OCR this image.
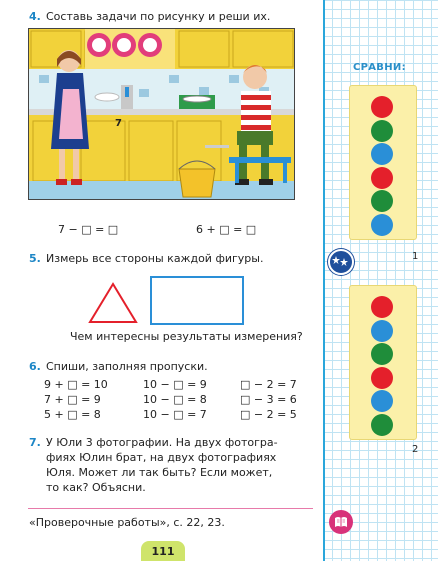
СРАВНИ:
1
2
4. Составь задачи по рисунку и реши их.
7
7 − □ = □	6 + □ = □
5. Измерь все стороны каждой фигуры.
Чем интересны результаты измерения?
6. Спиши, заполняя пропуски.
9 + □ = 10	10 − □ = 9	□ − 2 = 7
7 + □ = 9	10 − □ = 8	□ − 3 = 6
5 + □ = 8	10 − □ = 7	□ − 2 = 5
7. У Юли 3 фотографии. На двух фотогра-
фиях Юлин брат, на двух фотографиях
Юля. Может ли так быть? Если может,
то как? Объясни.
«Проверочные работы», с. 22, 23.
111
